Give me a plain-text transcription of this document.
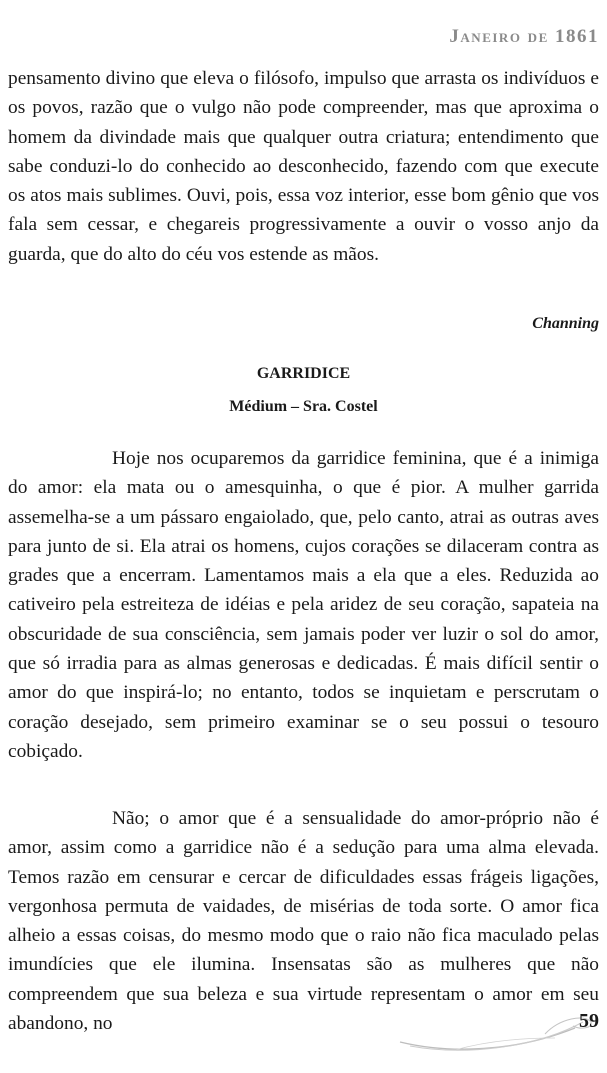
Janeiro de 1861

pensamento divino que eleva o filósofo, impulso que arrasta os indivíduos e os povos, razão que o vulgo não pode compreender, mas que aproxima o homem da divindade mais que qualquer outra criatura; entendimento que sabe conduzi-lo do conhecido ao desconhecido, fazendo com que execute os atos mais sublimes. Ouvi, pois, essa voz interior, esse bom gênio que vos fala sem cessar, e chegareis progressivamente a ouvir o vosso anjo da guarda, que do alto do céu vos estende as mãos.

Channing
GARRIDICE
Médium – Sra. Costel

Hoje nos ocuparemos da garridice feminina, que é a inimiga do amor: ela mata ou o amesquinha, o que é pior. A mulher garrida assemelha-se a um pássaro engaiolado, que, pelo canto, atrai as outras aves para junto de si. Ela atrai os homens, cujos corações se dilaceram contra as grades que a encerram. Lamentamos mais a ela que a eles. Reduzida ao cativeiro pela estreiteza de idéias e pela aridez de seu coração, sapateia na obscuridade de sua consciência, sem jamais poder ver luzir o sol do amor, que só irradia para as almas generosas e dedicadas. É mais difícil sentir o amor do que inspirá-lo; no entanto, todos se inquietam e perscrutam o coração desejado, sem primeiro examinar se o seu possui o tesouro cobiçado.

Não; o amor que é a sensualidade do amor-próprio não é amor, assim como a garridice não é a sedução para uma alma elevada. Temos razão em censurar e cercar de dificuldades essas frágeis ligações, vergonhosa permuta de vaidades, de misérias de toda sorte. O amor fica alheio a essas coisas, do mesmo modo que o raio não fica maculado pelas imundícies que ele ilumina. Insensatas são as mulheres que não compreendem que sua beleza e sua virtude representam o amor em seu abandono, no	59
